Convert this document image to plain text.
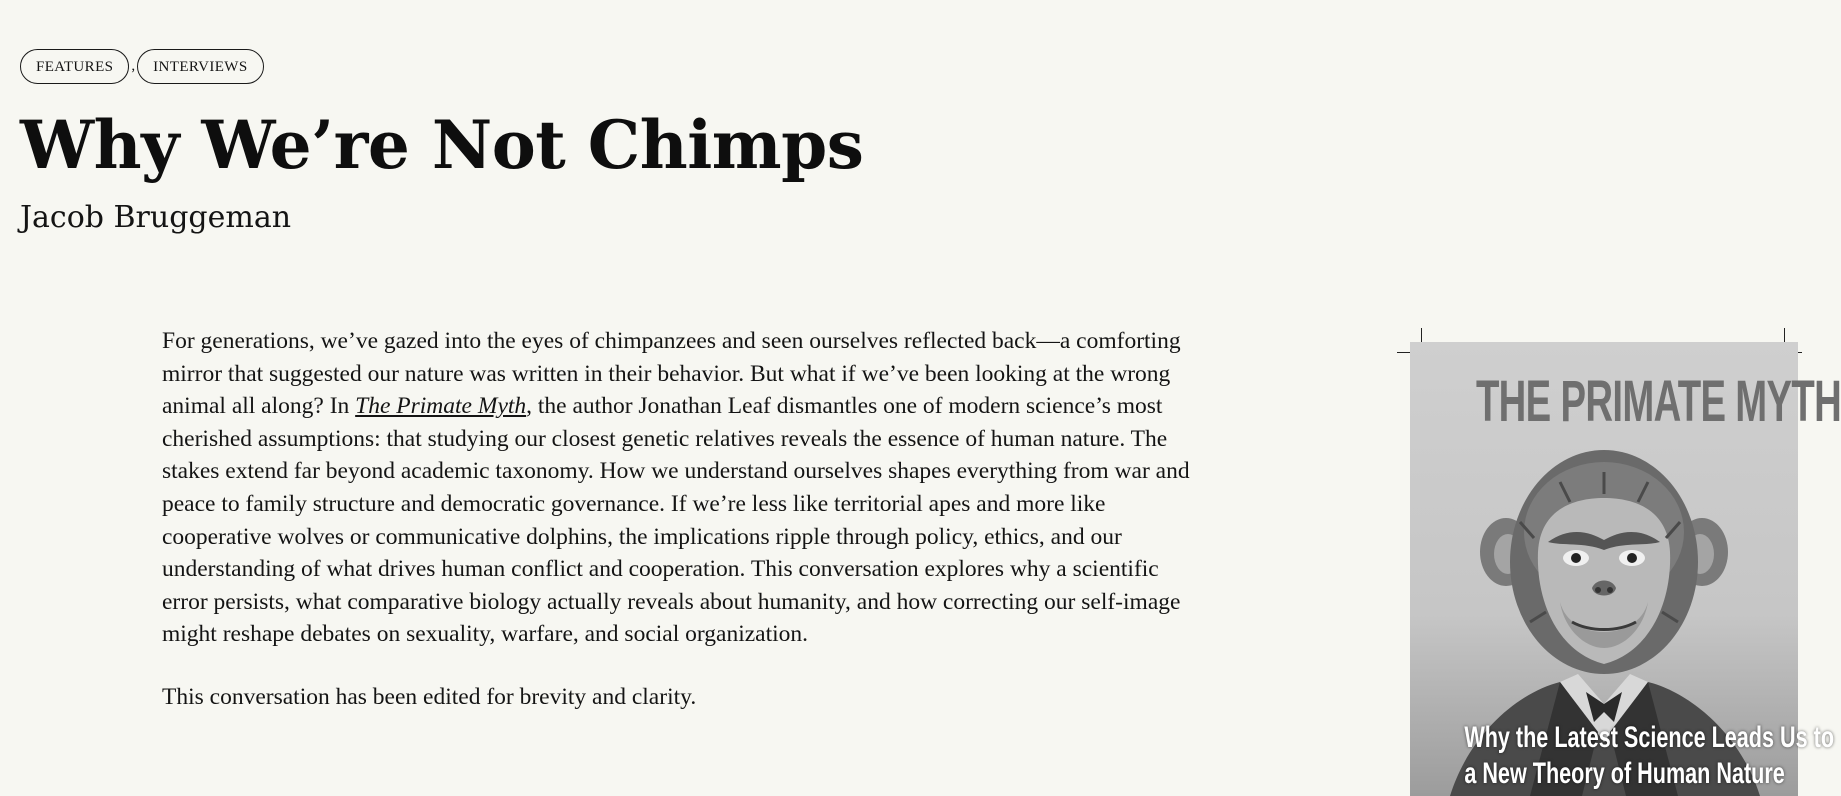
FEATURES	,	INTERVIEWS
Why We’re Not Chimps
Jacob Bruggeman

For generations, we’ve gazed into the eyes of chimpanzees and seen ourselves reflected back—a comforting mirror that suggested our nature was written in their behavior. But what if we’ve been looking at the wrong animal all along? In The Primate Myth, the author Jonathan Leaf dismantles one of modern science’s most cherished assumptions: that studying our closest genetic relatives reveals the essence of human nature. The stakes extend far beyond academic taxonomy. How we understand ourselves shapes everything from war and peace to family structure and democratic governance. If we’re less like territorial apes and more like cooperative wolves or communicative dolphins, the implications ripple through policy, ethics, and our understanding of what drives human conflict and cooperation. This conversation explores why a scientific error persists, what comparative biology actually reveals about humanity, and how correcting our self-image might reshape debates on sexuality, warfare, and social organization.

This conversation has been edited for brevity and clarity.

THE PRIMATE MYTH
Why the Latest Science Leads Us to
a New Theory of Human Nature
